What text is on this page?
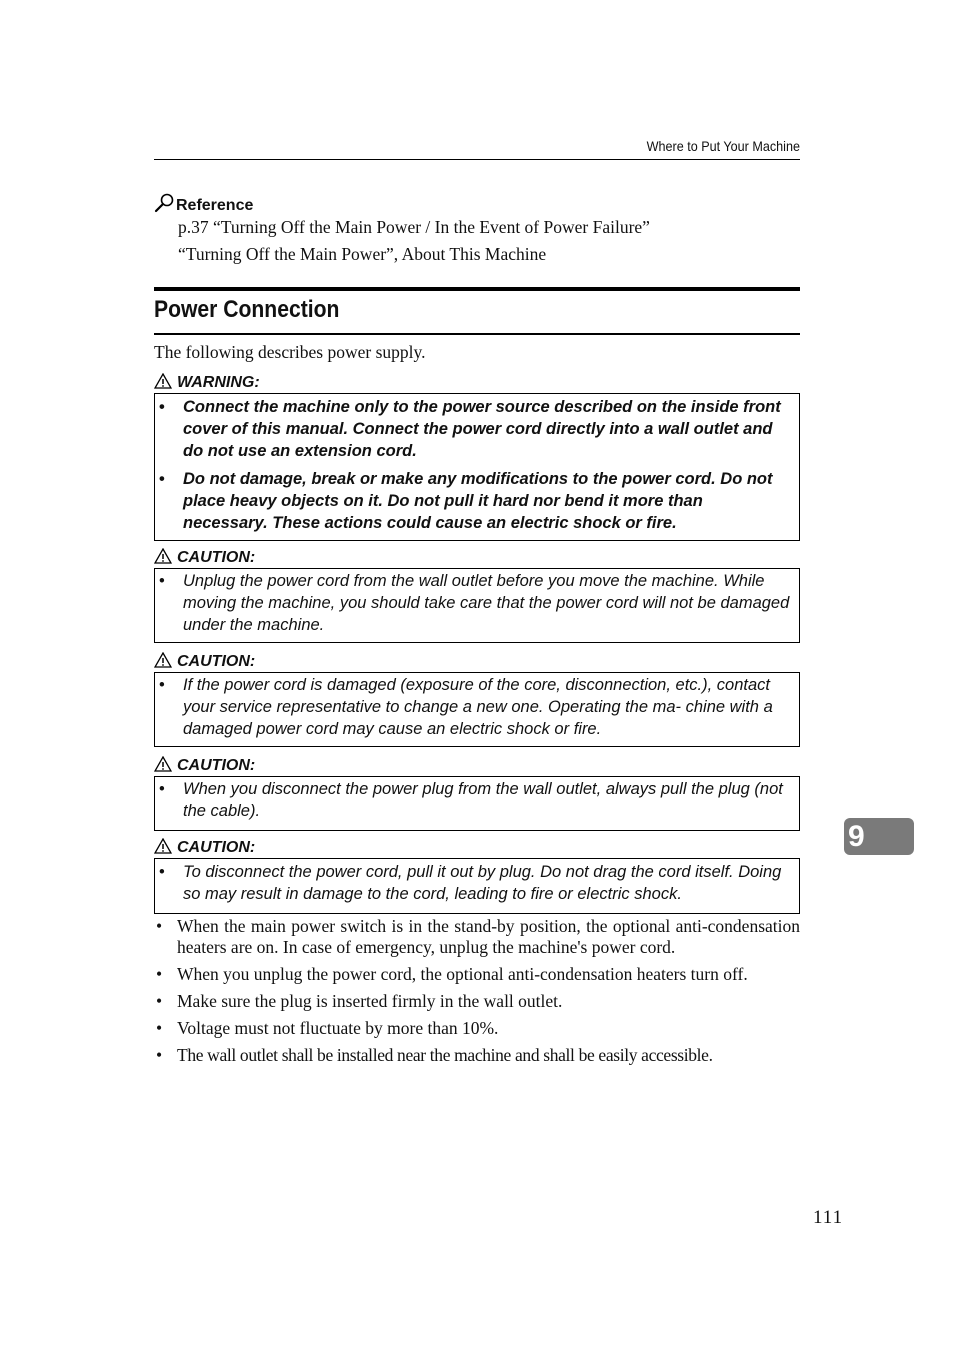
Where to Put Your Machine
Reference
p.37 “Turning Off the Main Power / In the Event of Power Failure”
“Turning Off the Main Power”, About This Machine
Power Connection
The following describes power supply.
WARNING:
• Connect the machine only to the power source described on the inside front cover of this manual. Connect the power cord directly into a wall outlet and do not use an extension cord.
• Do not damage, break or make any modifications to the power cord. Do not place heavy objects on it. Do not pull it hard nor bend it more than necessary. These actions could cause an electric shock or fire.
CAUTION:
• Unplug the power cord from the wall outlet before you move the machine. While moving the machine, you should take care that the power cord will not be damaged under the machine.
CAUTION:
• If the power cord is damaged (exposure of the core, disconnection, etc.), contact your service representative to change a new one. Operating the ma- chine with a damaged power cord may cause an electric shock or fire.
CAUTION:
• When you disconnect the power plug from the wall outlet, always pull the plug (not the cable).
CAUTION:
• To disconnect the power cord, pull it out by plug. Do not drag the cord itself. Doing so may result in damage to the cord, leading to fire or electric shock.
• When the main power switch is in the stand-by position, the optional anti-condensation heaters are on. In case of emergency, unplug the machine's power cord.
• When you unplug the power cord, the optional anti-condensation heaters turn off.
• Make sure the plug is inserted firmly in the wall outlet.
• Voltage must not fluctuate by more than 10%.
• The wall outlet shall be installed near the machine and shall be easily accessible.
9
111
